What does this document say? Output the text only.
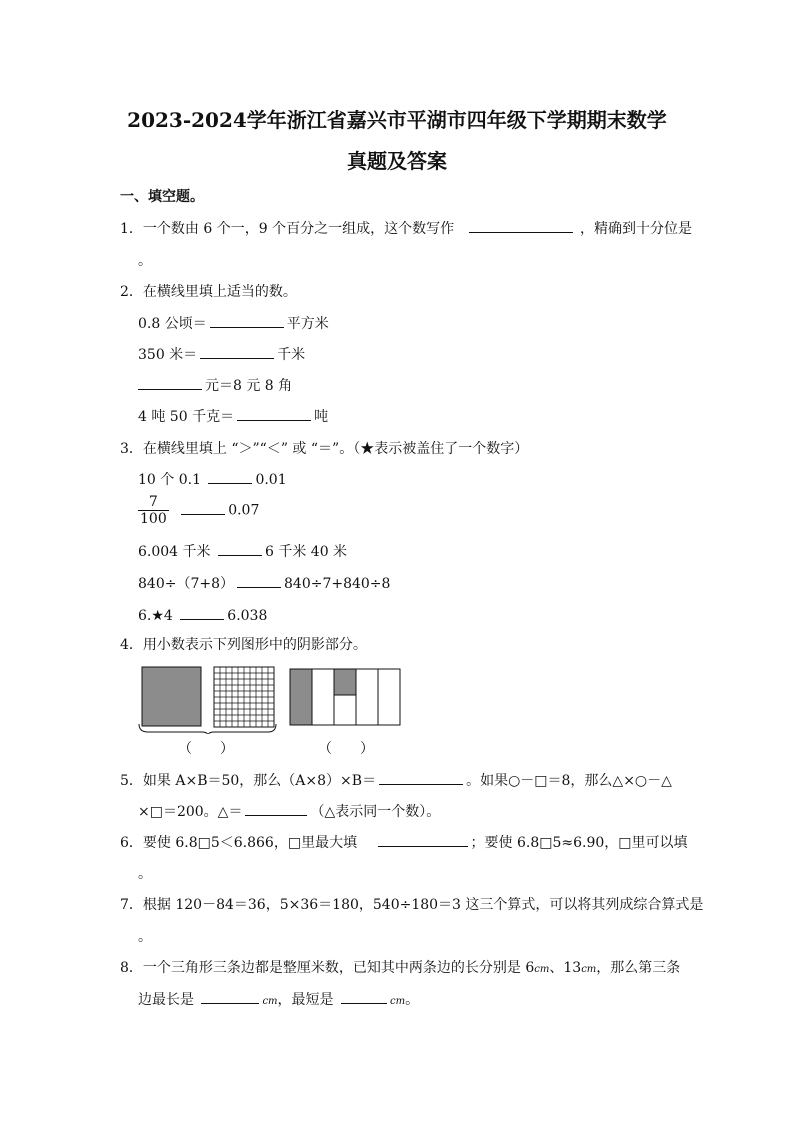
2023-2024学年浙江省嘉兴市平湖市四年级下学期期末数学
真题及答案
一、填空题。
1．一个数由 6 个一，9 个百分之一组成，这个数写作	，精确到十分位是
。
2．在横线里填上适当的数。
0.8 公顷＝	平方米
350 米＝	千米
元＝8 元 8 角
4 吨 50 千克＝	吨
3．在横线里填上 “＞”“＜” 或 “＝”。（★表示被盖住了一个数字）
10 个 0.1	0.01
$\frac{7}{100}$	0.07
6.004 千米	6 千米 40 米
840÷（7+8）	840÷7+840÷8
6.★4	6.038
4．用小数表示下列图形中的阴影部分。
（　　）	（　　）
5．如果 A×B＝50，那么（A×8）×B＝	。如果○－□＝8，那么△×○－△
×□＝200。△＝	（△表示同一个数）。
6．要使 6.8□5＜6.866，□里最大填	；要使 6.8□5≈6.90，□里可以填
。
7．根据 120－84＝36，5×36＝180，540÷180＝3 这三个算式，可以将其列成综合算式是
。
8．一个三角形三条边都是整厘米数，已知其中两条边的长分别是 6cm、13cm，那么第三条
边最长是	cm，最短是	cm。
